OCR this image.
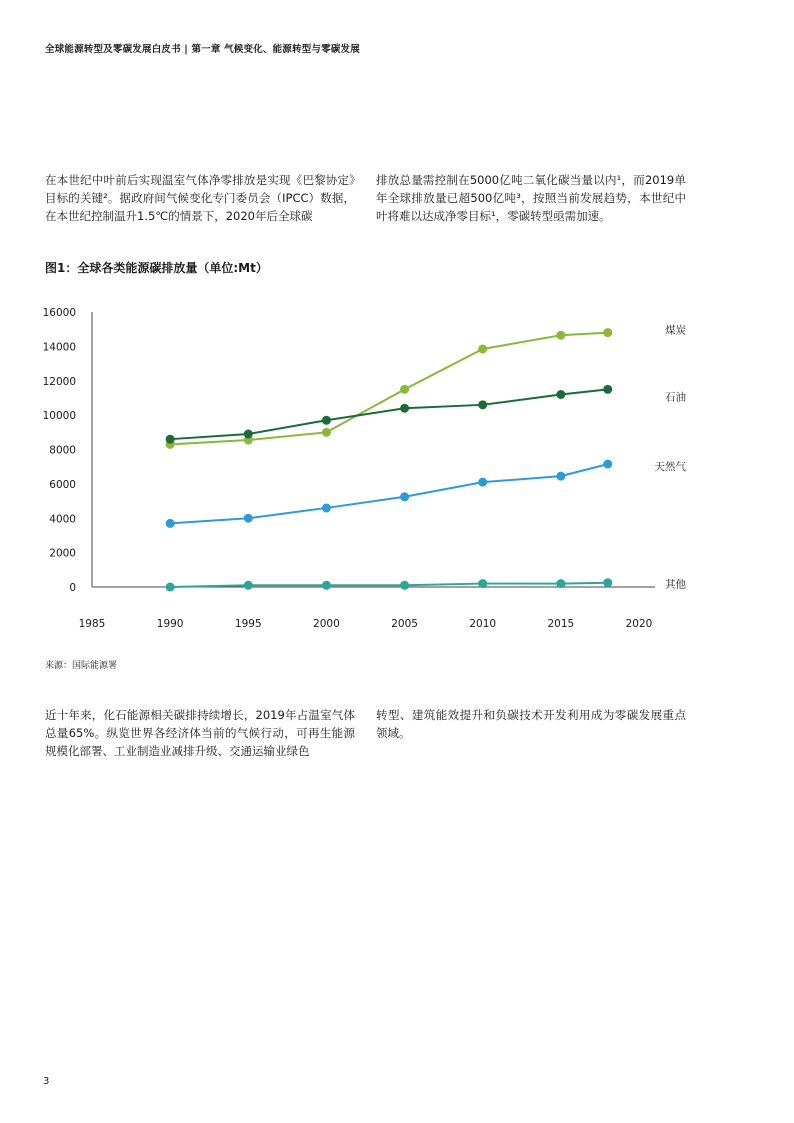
全球能源转型及零碳发展白皮书 | 第一章 气候变化、能源转型与零碳发展

在本世纪中叶前后实现温室气体净零排放是实现《巴黎协定》目标的关键²。据政府间气候变化专门委员会（IPCC）数据，在本世纪控制温升1.5℃的情景下，2020年后全球碳

排放总量需控制在5000亿吨二氧化碳当量以内¹，而2019单年全球排放量已超500亿吨³，按照当前发展趋势，本世纪中叶将难以达成净零目标¹，零碳转型亟需加速。

图1：全球各类能源碳排放量（单位:Mt）
0
2000
4000
6000
8000
10000
12000
14000
16000
1985	1990	1995	2000	2005	2010	2015	2020
煤炭
石油
天然气
其他
来源：国际能源署

近十年来，化石能源相关碳排持续增长，2019年占温室气体总量65%。纵览世界各经济体当前的气候行动，可再生能源规模化部署、工业制造业减排升级、交通运输业绿色

转型、建筑能效提升和负碳技术开发利用成为零碳发展重点领域。

3
